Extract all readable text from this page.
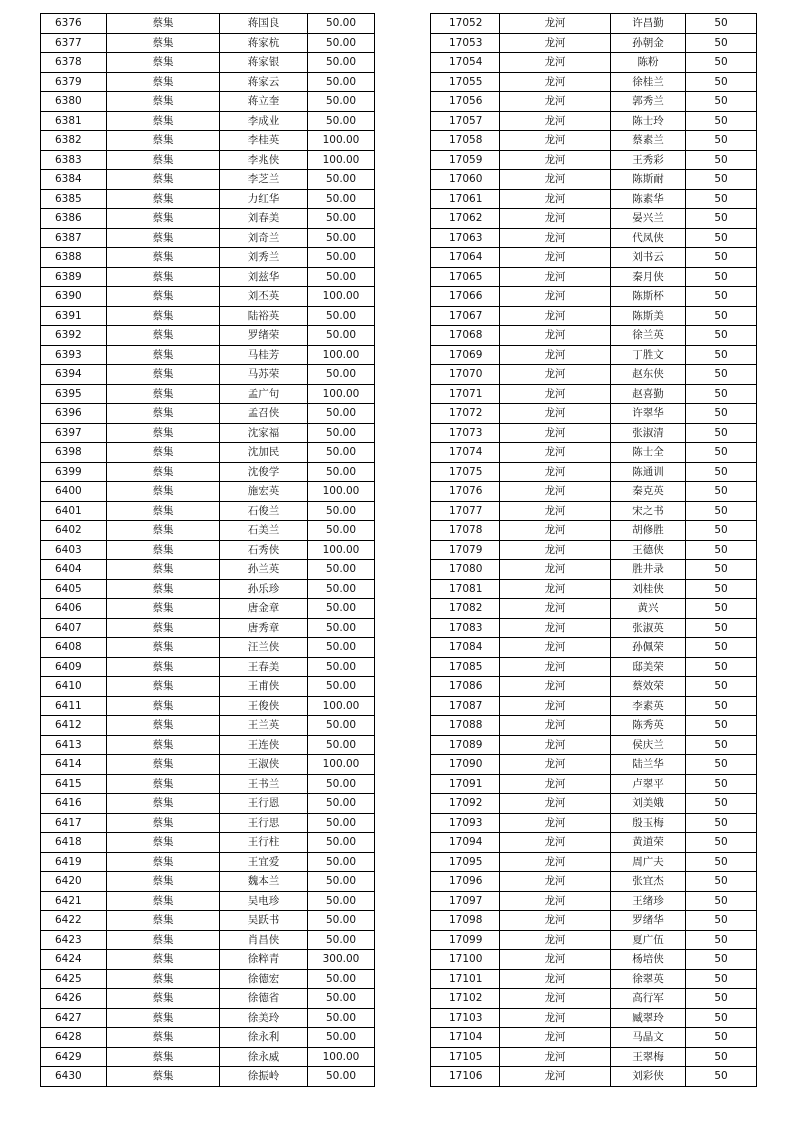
6376	蔡集	蒋国良	50.00
6377	蔡集	蒋家杭	50.00
6378	蔡集	蒋家银	50.00
6379	蔡集	蒋家云	50.00
6380	蔡集	蒋立奎	50.00
6381	蔡集	李成业	50.00
6382	蔡集	李桂英	100.00
6383	蔡集	李兆侠	100.00
6384	蔡集	李芝兰	50.00
6385	蔡集	力红华	50.00
6386	蔡集	刘春美	50.00
6387	蔡集	刘奇兰	50.00
6388	蔡集	刘秀兰	50.00
6389	蔡集	刘兹华	50.00
6390	蔡集	刘丕英	100.00
6391	蔡集	陆裕英	50.00
6392	蔡集	罗绪荣	50.00
6393	蔡集	马桂芳	100.00
6394	蔡集	马苏荣	50.00
6395	蔡集	孟广句	100.00
6396	蔡集	孟召侠	50.00
6397	蔡集	沈家福	50.00
6398	蔡集	沈加民	50.00
6399	蔡集	沈俊学	50.00
6400	蔡集	施宏英	100.00
6401	蔡集	石俊兰	50.00
6402	蔡集	石美兰	50.00
6403	蔡集	石秀侠	100.00
6404	蔡集	孙兰英	50.00
6405	蔡集	孙乐珍	50.00
6406	蔡集	唐金章	50.00
6407	蔡集	唐秀章	50.00
6408	蔡集	汪兰侠	50.00
6409	蔡集	王春美	50.00
6410	蔡集	王甫侠	50.00
6411	蔡集	王俊侠	100.00
6412	蔡集	王兰英	50.00
6413	蔡集	王连侠	50.00
6414	蔡集	王淑侠	100.00
6415	蔡集	王书兰	50.00
6416	蔡集	王行恩	50.00
6417	蔡集	王行思	50.00
6418	蔡集	王行柱	50.00
6419	蔡集	王宜爱	50.00
6420	蔡集	魏本兰	50.00
6421	蔡集	吴电珍	50.00
6422	蔡集	吴跃书	50.00
6423	蔡集	肖昌侠	50.00
6424	蔡集	徐粹青	300.00
6425	蔡集	徐德宏	50.00
6426	蔡集	徐德省	50.00
6427	蔡集	徐美玲	50.00
6428	蔡集	徐永利	50.00
6429	蔡集	徐永威	100.00
6430	蔡集	徐振岭	50.00
17052	龙河	许昌勤	50
17053	龙河	孙朝金	50
17054	龙河	陈粉	50
17055	龙河	徐桂兰	50
17056	龙河	郭秀兰	50
17057	龙河	陈士玲	50
17058	龙河	蔡素兰	50
17059	龙河	王秀彩	50
17060	龙河	陈斯耐	50
17061	龙河	陈素华	50
17062	龙河	晏兴兰	50
17063	龙河	代凤侠	50
17064	龙河	刘书云	50
17065	龙河	秦月侠	50
17066	龙河	陈斯杯	50
17067	龙河	陈斯美	50
17068	龙河	徐兰英	50
17069	龙河	丁胜文	50
17070	龙河	赵东侠	50
17071	龙河	赵喜勤	50
17072	龙河	许翠华	50
17073	龙河	张淑清	50
17074	龙河	陈士全	50
17075	龙河	陈通训	50
17076	龙河	秦克英	50
17077	龙河	宋之书	50
17078	龙河	胡修胜	50
17079	龙河	王德侠	50
17080	龙河	胜井录	50
17081	龙河	刘桂侠	50
17082	龙河	黄兴	50
17083	龙河	张淑英	50
17084	龙河	孙佩荣	50
17085	龙河	邸美荣	50
17086	龙河	蔡效荣	50
17087	龙河	李素英	50
17088	龙河	陈秀英	50
17089	龙河	侯庆兰	50
17090	龙河	陆兰华	50
17091	龙河	卢翠平	50
17092	龙河	刘美娥	50
17093	龙河	殷玉梅	50
17094	龙河	黄道荣	50
17095	龙河	周广夫	50
17096	龙河	张宜杰	50
17097	龙河	王绪珍	50
17098	龙河	罗绪华	50
17099	龙河	夏广伍	50
17100	龙河	杨培侠	50
17101	龙河	徐翠英	50
17102	龙河	高行军	50
17103	龙河	臧翠玲	50
17104	龙河	马晶文	50
17105	龙河	王翠梅	50
17106	龙河	刘彩侠	50
